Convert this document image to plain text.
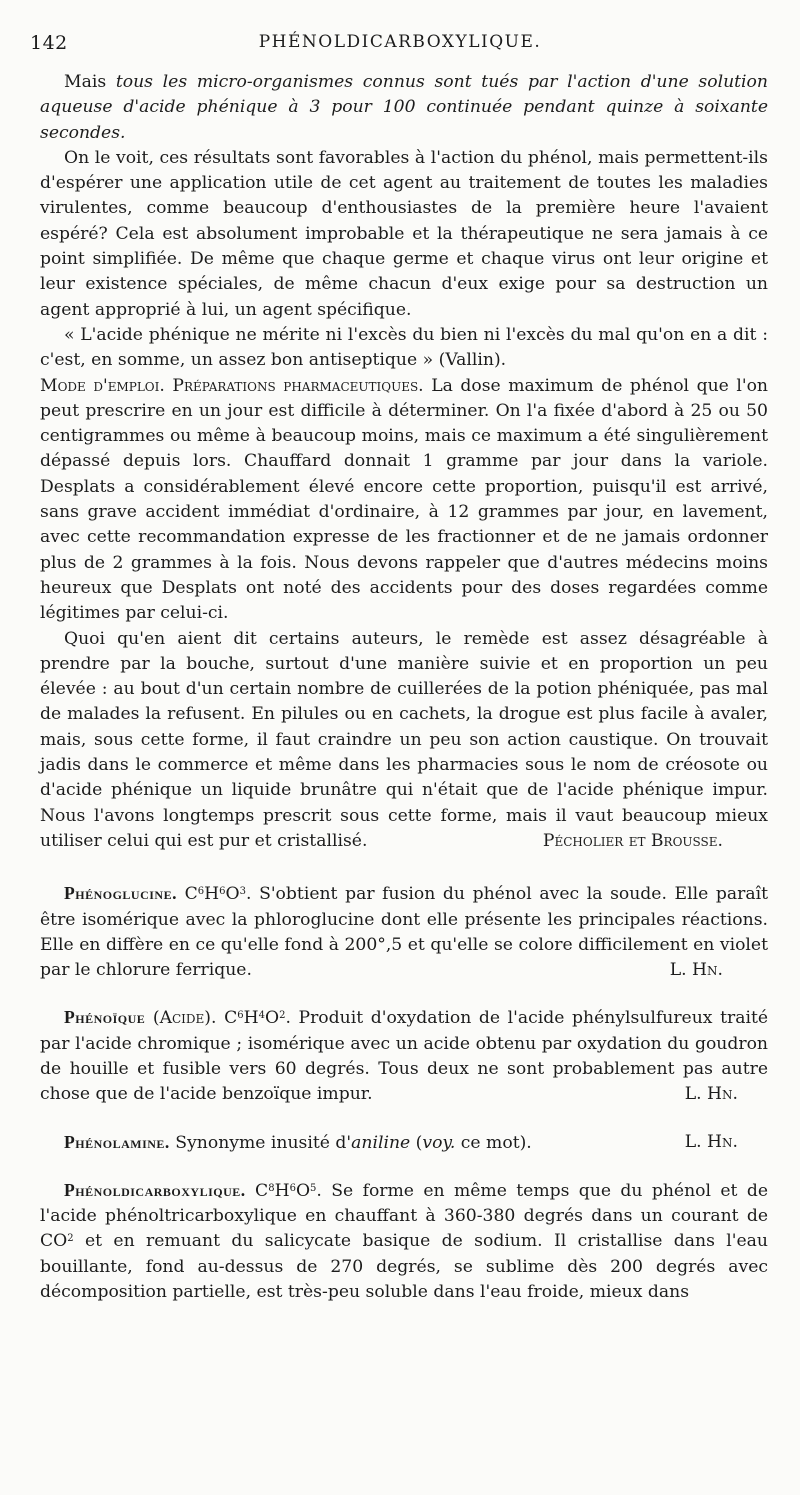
142	PHÉNOLDICARBOXYLIQUE.

Mais tous les micro-organismes connus sont tués par l'action d'une solution aqueuse d'acide phénique à 3 pour 100 continuée pendant quinze à soixante secondes.

On le voit, ces résultats sont favorables à l'action du phénol, mais permettent-ils d'espérer une application utile de cet agent au traitement de toutes les maladies virulentes, comme beaucoup d'enthousiastes de la première heure l'avaient espéré? Cela est absolument improbable et la thérapeutique ne sera jamais à ce point simplifiée. De même que chaque germe et chaque virus ont leur origine et leur existence spéciales, de même chacun d'eux exige pour sa destruction un agent approprié à lui, un agent spécifique.

« L'acide phénique ne mérite ni l'excès du bien ni l'excès du mal qu'on en a dit : c'est, en somme, un assez bon antiseptique » (Vallin).

Mode d'emploi. Préparations pharmaceutiques. La dose maximum de phénol que l'on peut prescrire en un jour est difficile à déterminer. On l'a fixée d'abord à 25 ou 50 centigrammes ou même à beaucoup moins, mais ce maximum a été singulièrement dépassé depuis lors. Chauffard donnait 1 gramme par jour dans la variole. Desplats a considérablement élevé encore cette proportion, puisqu'il est arrivé, sans grave accident immédiat d'ordinaire, à 12 grammes par jour, en lavement, avec cette recommandation expresse de les fractionner et de ne jamais ordonner plus de 2 grammes à la fois. Nous devons rappeler que d'autres médecins moins heureux que Desplats ont noté des accidents pour des doses regardées comme légitimes par celui-ci.

Quoi qu'en aient dit certains auteurs, le remède est assez désagréable à prendre par la bouche, surtout d'une manière suivie et en proportion un peu élevée : au bout d'un certain nombre de cuillerées de la potion phéniquée, pas mal de malades la refusent. En pilules ou en cachets, la drogue est plus facile à avaler, mais, sous cette forme, il faut craindre un peu son action caustique. On trouvait jadis dans le commerce et même dans les pharmacies sous le nom de créosote ou d'acide phénique un liquide brunâtre qui n'était que de l'acide phénique impur. Nous l'avons longtemps prescrit sous cette forme, mais il vaut beaucoup mieux utiliser celui qui est pur et cristallisé.	Pécholier et Brousse.

Phénoglucine. $C^6H^6O^3$. S'obtient par fusion du phénol avec la soude. Elle paraît être isomérique avec la phloroglucine dont elle présente les principales réactions. Elle en diffère en ce qu'elle fond à 200°,5 et qu'elle se colore difficilement en violet par le chlorure ferrique.	L. Hn.

Phénoïque (Acide). $C^6H^4O^2$. Produit d'oxydation de l'acide phénylsulfureux traité par l'acide chromique ; isomérique avec un acide obtenu par oxydation du goudron de houille et fusible vers 60 degrés. Tous deux ne sont probablement pas autre chose que de l'acide benzoïque impur.	L. Hn.

Phénolamine. Synonyme inusité d'aniline (voy. ce mot).	L. Hn.

Phénoldicarboxylique. $C^8H^6O^5$. Se forme en même temps que du phénol et de l'acide phénoltricarboxylique en chauffant à 360-380 degrés dans un courant de $CO^2$ et en remuant du salicycate basique de sodium. Il cristallise dans l'eau bouillante, fond au-dessus de 270 degrés, se sublime dès 200 degrés avec décomposition partielle, est très-peu soluble dans l'eau froide, mieux dans
